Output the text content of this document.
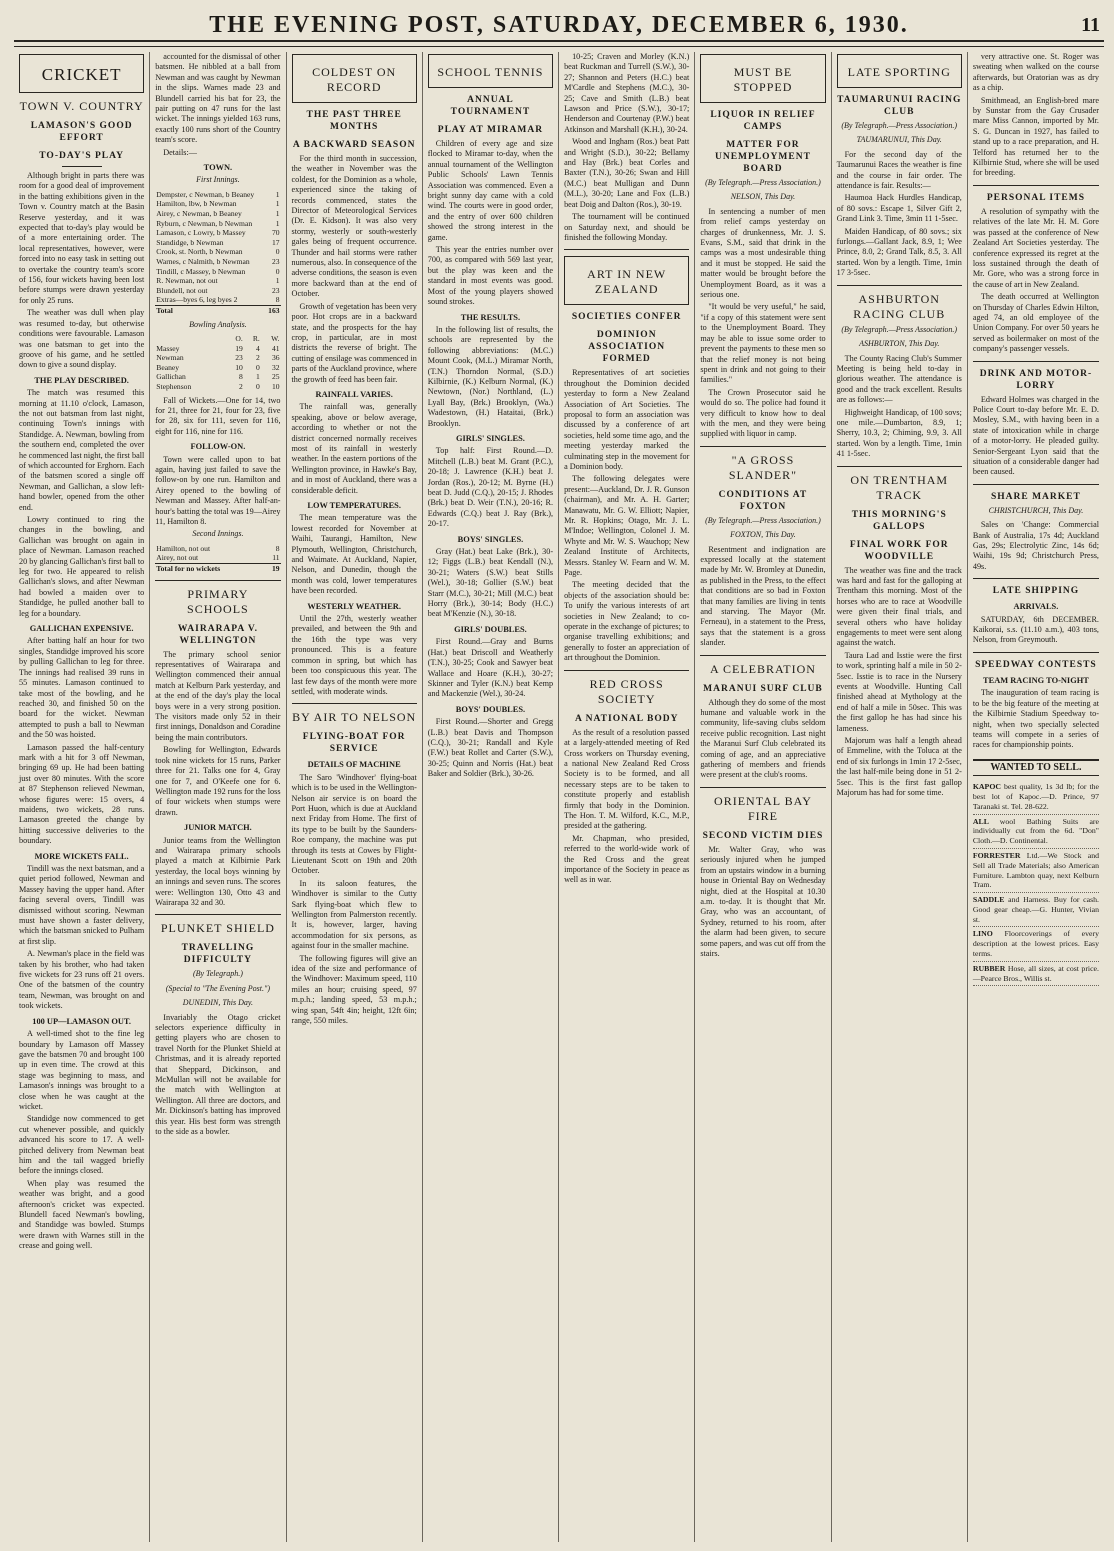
THE EVENING POST, SATURDAY, DECEMBER 6, 1930.	11
CRICKET
TOWN V. COUNTRY
LAMASON'S GOOD EFFORT
TO-DAY'S PLAY

Although bright in parts there was room for a good deal of improvement in the batting exhibitions given in the Town v. Country match at the Basin Reserve yesterday, and it was expected that to-day's play would be of a more entertaining order. The local representatives, however, were forced into no easy task in setting out to overtake the country team's score of 156, four wickets having been lost before stumps were drawn yesterday for only 25 runs.

The weather was dull when play was resumed to-day, but otherwise conditions were favourable. Lamason was one batsman to get into the groove of his game, and he settled down to give a sound display.

THE PLAY DESCRIBED.

The match was resumed this morning at 11.10 o'clock, Lamason, the not out batsman from last night, continuing Town's innings with Standidge. A. Newman, bowling from the southern end, completed the over he commenced last night, the first ball of which accounted for Erghorn. Each of the batsmen scored a single off Newman, and Gallichan, a slow left-hand bowler, opened from the other end.

Lowry continued to ring the changes in the bowling, and Gallichan was brought on again in place of Newman. Lamason reached 20 by glancing Gallichan's first ball to leg for two. He appeared to relish Gallichan's slows, and after Newman had bowled a maiden over to Standidge, he pulled another ball to leg for a boundary.

GALLICHAN EXPENSIVE.

After batting half an hour for two singles, Standidge improved his score by pulling Gallichan to leg for three. The innings had realised 39 runs in 55 minutes. Lamason continued to take most of the bowling, and he reached 30, and finished 50 on the board for the wicket. Newman attempted to push a ball to Newman and the 50 was hoisted.

Lamason passed the half-century mark with a hit for 3 off Newman, bringing 69 up. He had been batting just over 80 minutes. With the score at 87 Stephenson relieved Newman, whose figures were: 15 overs, 4 maidens, two wickets, 28 runs. Lamason greeted the change by hitting successive deliveries to the boundary.

MORE WICKETS FALL.

Tindill was the next batsman, and a quiet period followed, Newman and Massey having the upper hand. After facing several overs, Tindill was dismissed without scoring. Newman must have shown a faster delivery, which the batsman snicked to Pulham at first slip.

A. Newman's place in the field was taken by his brother, who had taken five wickets for 23 runs off 21 overs. One of the batsmen of the country team, Newman, was brought on and took wickets.

100 UP—LAMASON OUT.

A well-timed shot to the fine leg boundary by Lamason off Massey gave the batsmen 70 and brought 100 up in even time. The crowd at this stage was beginning to mass, and Lamason's innings was brought to a close when he was caught at the wicket.

Standidge now commenced to get cut whenever possible, and quickly advanced his score to 17. A well-pitched delivery from Newman beat him and the tail wagged briefly before the innings closed.

When play was resumed the weather was bright, and a good afternoon's cricket was expected. Blundell faced Newman's bowling, and Standidge was bowled. Stumps were drawn with Warnes still in the crease and going well.

accounted for the dismissal of other batsmen. He nibbled at a ball from Newman and was caught by Newman in the slips. Warnes made 23 and Blundell carried his bat for 23, the pair putting on 47 runs for the last wicket. The innings yielded 163 runs, exactly 100 runs short of the Country team's score.

Details:—

TOWN.
First Innings.
Dempster, c Newman, b Beaney	1
Hamilton, lbw, b Newman	1
Airey, c Newman, b Beaney	1
Ryburn, c Newman, b Newman	1
Lamason, c Lowry, b Massey	70
Standidge, b Newman	17
Crook, st. North, b Newman	0
Warnes, c Nalmith, b Newman	23
Tindill, c Massey, b Newman	0
R. Newman, not out	1
Blundell, not out	23
Extras—byes 6, leg byes 2	8
Total	163
Bowling Analysis.
	O.	R.	W.
Massey	19	4	41
Newman	23	2	36
Beaney	10	0	32
Gallichan	8	1	25
Stephenson	2	0	10

Fall of Wickets.—One for 14, two for 21, three for 21, four for 23, five for 28, six for 111, seven for 116, eight for 116, nine for 116.

FOLLOW-ON.

Town were called upon to bat again, having just failed to save the follow-on by one run. Hamilton and Airey opened to the bowling of Newman and Massey. After half-an-hour's batting the total was 19—Airey 11, Hamilton 8.

Second Innings.
Hamilton, not out	8
Airey, not out	11
Total for no wickets	19
PRIMARY SCHOOLS
WAIRARAPA V. WELLINGTON

The primary school senior representatives of Wairarapa and Wellington commenced their annual match at Kelburn Park yesterday, and at the end of the day's play the local boys were in a very strong position. The visitors made only 52 in their first innings, Donaldson and Coradine being the main contributors.

Bowling for Wellington, Edwards took nine wickets for 15 runs, Parker three for 21. Talks one for 4, Gray one for 7, and O'Keefe one for 6. Wellington made 192 runs for the loss of four wickets when stumps were drawn.

JUNIOR MATCH.

Junior teams from the Wellington and Wairarapa primary schools played a match at Kilbirnie Park yesterday, the local boys winning by an innings and seven runs. The scores were: Wellington 130, Otto 43 and Wairarapa 32 and 30.

PLUNKET SHIELD
TRAVELLING DIFFICULTY
(By Telegraph.)
(Special to "The Evening Post.")
DUNEDIN, This Day.

Invariably the Otago cricket selectors experience difficulty in getting players who are chosen to travel North for the Plunket Shield at Christmas, and it is already reported that Sheppard, Dickinson, and McMullan will not be available for the match with Wellington at Wellington. All three are doctors, and Mr. Dickinson's batting has improved this year. His best form was strength to the side as a bowler.

COLDEST ON RECORD
THE PAST THREE MONTHS
A BACKWARD SEASON

For the third month in succession, the weather in November was the coldest, for the Dominion as a whole, experienced since the taking of records commenced, states the Director of Meteorological Services (Dr. E. Kidson). It was also very stormy, westerly or south-westerly gales being of frequent occurrence. Thunder and hail storms were rather numerous, also. In consequence of the adverse conditions, the season is even more backward than at the end of October.

Growth of vegetation has been very poor. Hot crops are in a backward state, and the prospects for the hay crop, in particular, are in most districts the reverse of bright. The cutting of ensilage was commenced in parts of the Auckland province, where the growth of feed has been fair.

RAINFALL VARIES.

The rainfall was, generally speaking, above or below average, according to whether or not the district concerned normally receives most of its rainfall in westerly weather. In the eastern portions of the Wellington province, in Hawke's Bay, and in most of Auckland, there was a considerable deficit.

LOW TEMPERATURES.

The mean temperature was the lowest recorded for November at Waihi, Taurangi, Hamilton, New Plymouth, Wellington, Christchurch, and Waimate. At Auckland, Napier, Nelson, and Dunedin, though the month was cold, lower temperatures have been recorded.

WESTERLY WEATHER.

Until the 27th, westerly weather prevailed, and between the 9th and the 16th the type was very pronounced. This is a feature common in spring, but which has been too conspicuous this year. The last few days of the month were more settled, with moderate winds.

BY AIR TO NELSON
FLYING-BOAT FOR SERVICE
DETAILS OF MACHINE

The Saro 'Windhover' flying-boat which is to be used in the Wellington-Nelson air service is on board the Port Huon, which is due at Auckland next Friday from Home. The first of its type to be built by the Saunders-Roe company, the machine was put through its tests at Cowes by Flight-Lieutenant Scott on 19th and 20th October.

In its saloon features, the Windhover is similar to the Cutty Sark flying-boat which flew to Wellington from Palmerston recently. It is, however, larger, having accommodation for six persons, as against four in the smaller machine.

The following figures will give an idea of the size and performance of the Windhover: Maximum speed, 110 miles an hour; cruising speed, 97 m.p.h.; landing speed, 53 m.p.h.; wing span, 54ft 4in; height, 12ft 6in; range, 550 miles.

SCHOOL TENNIS
ANNUAL TOURNAMENT
PLAY AT MIRAMAR

Children of every age and size flocked to Miramar to-day, when the annual tournament of the Wellington Public Schools' Lawn Tennis Association was commenced. Even a bright sunny day came with a cold wind. The courts were in good order, and the entry of over 600 children showed the strong interest in the game.

This year the entries number over 700, as compared with 569 last year, but the play was keen and the standard in most events was good. Most of the young players showed sound strokes.

THE RESULTS.

In the following list of results, the schools are represented by the following abbreviations: (M.C.) Mount Cook, (M.L.) Miramar North, (T.N.) Thorndon Normal, (S.D.) Kilbirnie, (K.) Kelburn Normal, (K.) Newtown, (Nor.) Northland, (L.) Lyall Bay, (Brk.) Brooklyn, (Wa.) Wadestown, (H.) Hataitai, (Brk.) Brooklyn.

GIRLS' SINGLES.

Top half: First Round.—D. Mitchell (L.B.) beat M. Grant (P.C.), 20-18; J. Lawrence (K.H.) beat J. Jordan (Ros.), 20-12; M. Byrne (H.) beat D. Judd (C.Q.), 20-15; J. Rhodes (Brk.) beat D. Weir (T.N.), 20-16; R. Edwards (C.Q.) beat J. Ray (Brk.), 20-17.

BOYS' SINGLES.

Gray (Hat.) beat Lake (Brk.), 30-12; Figgs (L.B.) beat Kendall (N.), 30-21; Waters (S.W.) beat Stills (Wel.), 30-18; Gollier (S.W.) beat Starr (M.C.), 30-21; Mill (M.C.) beat Horry (Brk.), 30-14; Body (H.C.) beat M'Kenzie (N.), 30-18.

GIRLS' DOUBLES.

First Round.—Gray and Burns (Hat.) beat Driscoll and Weatherly (T.N.), 30-25; Cook and Sawyer beat Wallace and Hoare (K.H.), 30-27; Skinner and Tyler (K.N.) beat Kemp and Mackenzie (Wel.), 30-24.

BOYS' DOUBLES.

First Round.—Shorter and Gregg (L.B.) beat Davis and Thompson (C.Q.), 30-21; Randall and Kyle (F.W.) beat Rollet and Carter (S.W.), 30-25; Quinn and Norris (Hat.) beat Baker and Soldier (Brk.), 30-26.

10-25; Craven and Morley (K.N.) beat Ruckman and Turrell (S.W.), 30-27; Shannon and Peters (H.C.) beat M'Cardle and Stephens (M.C.), 30-25; Cave and Smith (L.B.) beat Lawson and Price (S.W.), 30-17; Henderson and Courtenay (P.W.) beat Atkinson and Marshall (K.H.), 30-24.

Wood and Ingham (Ros.) beat Patt and Wright (S.D.), 30-22; Bellamy and Hay (Brk.) beat Corles and Baxter (T.N.), 30-26; Swan and Hill (M.C.) beat Mulligan and Dunn (M.L.), 30-20; Lane and Fox (L.B.) beat Doig and Dalton (Ros.), 30-19.

The tournament will be continued on Saturday next, and should be finished the following Monday.

ART IN NEW ZEALAND
SOCIETIES CONFER
DOMINION ASSOCIATION FORMED

Representatives of art societies throughout the Dominion decided yesterday to form a New Zealand Association of Art Societies. The proposal to form an association was discussed by a conference of art societies, held some time ago, and the meeting yesterday marked the culminating step in the movement for a Dominion body.

The following delegates were present:—Auckland, Dr. J. R. Gunson (chairman), and Mr. A. H. Garter; Manawatu, Mr. G. W. Elliott; Napier, Mr. R. Hopkins; Otago, Mr. J. L. M'Indoe; Wellington, Colonel J. M. Whyte and Mr. W. S. Wauchop; New Zealand Institute of Architects, Messrs. Stanley W. Fearn and W. M. Page.

The meeting decided that the objects of the association should be: To unify the various interests of art societies in New Zealand; to co-operate in the exchange of pictures; to organise travelling exhibitions; and generally to foster an appreciation of art throughout the Dominion.

RED CROSS SOCIETY
A NATIONAL BODY

As the result of a resolution passed at a largely-attended meeting of Red Cross workers on Thursday evening, a national New Zealand Red Cross Society is to be formed, and all necessary steps are to be taken to constitute properly and establish firmly that body in the Dominion. The Hon. T. M. Wilford, K.C., M.P., presided at the gathering.

Mr. Chapman, who presided, referred to the world-wide work of the Red Cross and the great importance of the Society in peace as well as in war.

MUST BE STOPPED
LIQUOR IN RELIEF CAMPS
MATTER FOR UNEMPLOYMENT BOARD
(By Telegraph.—Press Association.)
NELSON, This Day.

In sentencing a number of men from relief camps yesterday on charges of drunkenness, Mr. J. S. Evans, S.M., said that drink in the camps was a most undesirable thing and it must be stopped. He said the matter would be brought before the Unemployment Board, as it was a serious one.

"It would be very useful," he said, "if a copy of this statement were sent to the Unemployment Board. They may be able to issue some order to prevent the payments to these men so that the relief money is not being spent in drink and not going to their families."

The Crown Prosecutor said he would do so. The police had found it very difficult to know how to deal with the men, and they were being supplied with liquor in camp.

"A GROSS SLANDER"
CONDITIONS AT FOXTON
(By Telegraph.—Press Association.)
FOXTON, This Day.

Resentment and indignation are expressed locally at the statement made by Mr. W. Bromley at Dunedin, as published in the Press, to the effect that conditions are so bad in Foxton that many families are living in tents and starving. The Mayor (Mr. Ferneau), in a statement to the Press, says that the statement is a gross slander.

A CELEBRATION
MARANUI SURF CLUB

Although they do some of the most humane and valuable work in the community, life-saving clubs seldom receive public recognition. Last night the Maranui Surf Club celebrated its coming of age, and an appreciative gathering of members and friends were present at the club's rooms.

ORIENTAL BAY FIRE
SECOND VICTIM DIES

Mr. Walter Gray, who was seriously injured when he jumped from an upstairs window in a burning house in Oriental Bay on Wednesday night, died at the Hospital at 10.30 a.m. to-day. It is thought that Mr. Gray, who was an accountant, of Sydney, returned to his room, after the alarm had been given, to secure some papers, and was cut off from the stairs.

LATE SPORTING
TAUMARUNUI RACING CLUB
(By Telegraph.—Press Association.)
TAUMARUNUI, This Day.

For the second day of the Taumarunui Races the weather is fine and the course in fair order. The attendance is fair. Results:—

Haumoa Hack Hurdles Handicap, of 80 sovs.: Escape 1, Silver Gift 2, Grand Link 3. Time, 3min 11 1-5sec.

Maiden Handicap, of 80 sovs.; six furlongs.—Gallant Jack, 8.9, 1; Wee Prince, 8.0, 2; Grand Talk, 8.5, 3. All started. Won by a length. Time, 1min 17 3-5sec.

ASHBURTON RACING CLUB
(By Telegraph.—Press Association.)
ASHBURTON, This Day.

The County Racing Club's Summer Meeting is being held to-day in glorious weather. The attendance is good and the track excellent. Results are as follows:—

Highweight Handicap, of 100 sovs; one mile.—Dumbarton, 8.9, 1; Sherry, 10.3, 2; Chiming, 9.9, 3. All started. Won by a length. Time, 1min 41 1-5sec.

ON TRENTHAM TRACK
THIS MORNING'S GALLOPS
FINAL WORK FOR WOODVILLE

The weather was fine and the track was hard and fast for the galloping at Trentham this morning. Most of the horses who are to race at Woodville were given their final trials, and several others who have holiday engagements to meet were sent along against the watch.

Taura Lad and Isstie were the first to work, sprinting half a mile in 50 2-5sec. Isstie is to race in the Nursery events at Woodville. Hunting Call finished ahead at Mythology at the end of half a mile in 50sec. This was the first gallop he has had since his lameness.

Majorum was half a length ahead of Emmeline, with the Toluca at the end of six furlongs in 1min 17 2-5sec, the last half-mile being done in 51 2-5sec. This is the first fast gallop Majorum has had for some time.

very attractive one. St. Roger was sweating when walked on the course afterwards, but Oratorian was as dry as a chip.

Smithmead, an English-bred mare by Sunstar from the Gay Crusader mare Miss Cannon, imported by Mr. S. G. Duncan in 1927, has failed to stand up to a race preparation, and H. Telford has returned her to the Kilbirnie Stud, where she will be used for breeding.

PERSONAL ITEMS

A resolution of sympathy with the relatives of the late Mr. H. M. Gore was passed at the conference of New Zealand Art Societies yesterday. The conference expressed its regret at the loss sustained through the death of Mr. Gore, who was a strong force in the cause of art in New Zealand.

The death occurred at Wellington on Thursday of Charles Edwin Hilton, aged 74, an old employee of the Union Company. For over 50 years he served as boilermaker on most of the company's passenger vessels.

DRINK AND MOTOR-LORRY

Edward Holmes was charged in the Police Court to-day before Mr. E. D. Mosley, S.M., with having been in a state of intoxication while in charge of a motor-lorry. He pleaded guilty. Senior-Sergeant Lyon said that the situation of a considerable danger had been caused.

SHARE MARKET
CHRISTCHURCH, This Day.

Sales on 'Change: Commercial Bank of Australia, 17s 4d; Auckland Gas, 29s; Electrolytic Zinc, 14s 6d; Waihi, 19s 9d; Christchurch Press, 49s.

LATE SHIPPING
ARRIVALS.

SATURDAY, 6th DECEMBER. Kaikorai, s.s. (11.10 a.m.), 403 tons, Nelson, from Greymouth.

SPEEDWAY CONTESTS
TEAM RACING TO-NIGHT

The inauguration of team racing is to be the big feature of the meeting at the Kilbirnie Stadium Speedway to-night, when two specially selected teams will compete in a series of races for championship points.

WANTED TO SELL.
KAPOC best quality, 1s 3d lb; for the best lot of Kapoc.—D. Prince, 97 Taranaki st. Tel. 28-622.
ALL wool Bathing Suits are individually cut from the 6d. "Don" Cloth.—D. Continental.
FORRESTER Ltd.—We Stock and Sell all Trade Materials; also American Furniture. Lambton quay, next Kelburn Tram.
SADDLE and Harness. Buy for cash. Good gear cheap.—G. Hunter, Vivian st.
LINO Floorcoverings of every description at the lowest prices. Easy terms.
RUBBER Hose, all sizes, at cost price.—Pearce Bros., Willis st.
